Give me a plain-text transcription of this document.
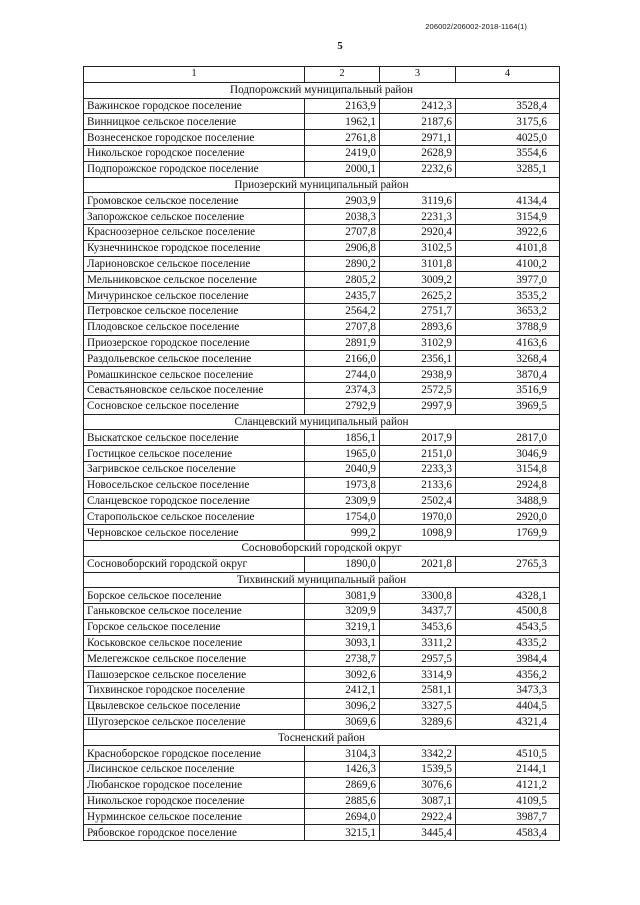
206002/206002-2018-1164(1)
5
1	2	3	4
Подпорожский муниципальный район			
Важинское городское поселение	2163,9	2412,3	3528,4
Винницкое сельское поселение	1962,1	2187,6	3175,6
Вознесенское городское поселение	2761,8	2971,1	4025,0
Никольское городское поселение	2419,0	2628,9	3554,6
Подпорожское городское поселение	2000,1	2232,6	3285,1
Приозерский муниципальный район			
Громовское сельское поселение	2903,9	3119,6	4134,4
Запорожское сельское поселение	2038,3	2231,3	3154,9
Красноозерное сельское поселение	2707,8	2920,4	3922,6
Кузнечнинское городское поселение	2906,8	3102,5	4101,8
Ларионовское сельское поселение	2890,2	3101,8	4100,2
Мельниковское сельское поселение	2805,2	3009,2	3977,0
Мичуринское сельское поселение	2435,7	2625,2	3535,2
Петровское сельское поселение	2564,2	2751,7	3653,2
Плодовское сельское поселение	2707,8	2893,6	3788,9
Приозерское городское поселение	2891,9	3102,9	4163,6
Раздольевское сельское поселение	2166,0	2356,1	3268,4
Ромашкинское сельское поселение	2744,0	2938,9	3870,4
Севастьяновское сельское поселение	2374,3	2572,5	3516,9
Сосновское сельское поселение	2792,9	2997,9	3969,5
Сланцевский муниципальный район			
Выскатское сельское поселение	1856,1	2017,9	2817,0
Гостицкое сельское поселение	1965,0	2151,0	3046,9
Загривское сельское поселение	2040,9	2233,3	3154,8
Новосельское сельское поселение	1973,8	2133,6	2924,8
Сланцевское городское поселение	2309,9	2502,4	3488,9
Старопольское сельское поселение	1754,0	1970,0	2920,0
Черновское сельское поселение	999,2	1098,9	1769,9
Сосновоборский городской округ			
Сосновоборский городской округ	1890,0	2021,8	2765,3
Тихвинский муниципальный район			
Борское сельское поселение	3081,9	3300,8	4328,1
Ганьковское сельское поселение	3209,9	3437,7	4500,8
Горское сельское поселение	3219,1	3453,6	4543,5
Коськовское сельское поселение	3093,1	3311,2	4335,2
Мелегежское сельское поселение	2738,7	2957,5	3984,4
Пашозерское сельское поселение	3092,6	3314,9	4356,2
Тихвинское городское поселение	2412,1	2581,1	3473,3
Цвылевское сельское поселение	3096,2	3327,5	4404,5
Шугозерское сельское поселение	3069,6	3289,6	4321,4
Тосненский район			
Красноборское городское поселение	3104,3	3342,2	4510,5
Лисинское сельское поселение	1426,3	1539,5	2144,1
Любанское городское поселение	2869,6	3076,6	4121,2
Никольское городское поселение	2885,6	3087,1	4109,5
Нурминское сельское поселение	2694,0	2922,4	3987,7
Рябовское городское поселение	3215,1	3445,4	4583,4
